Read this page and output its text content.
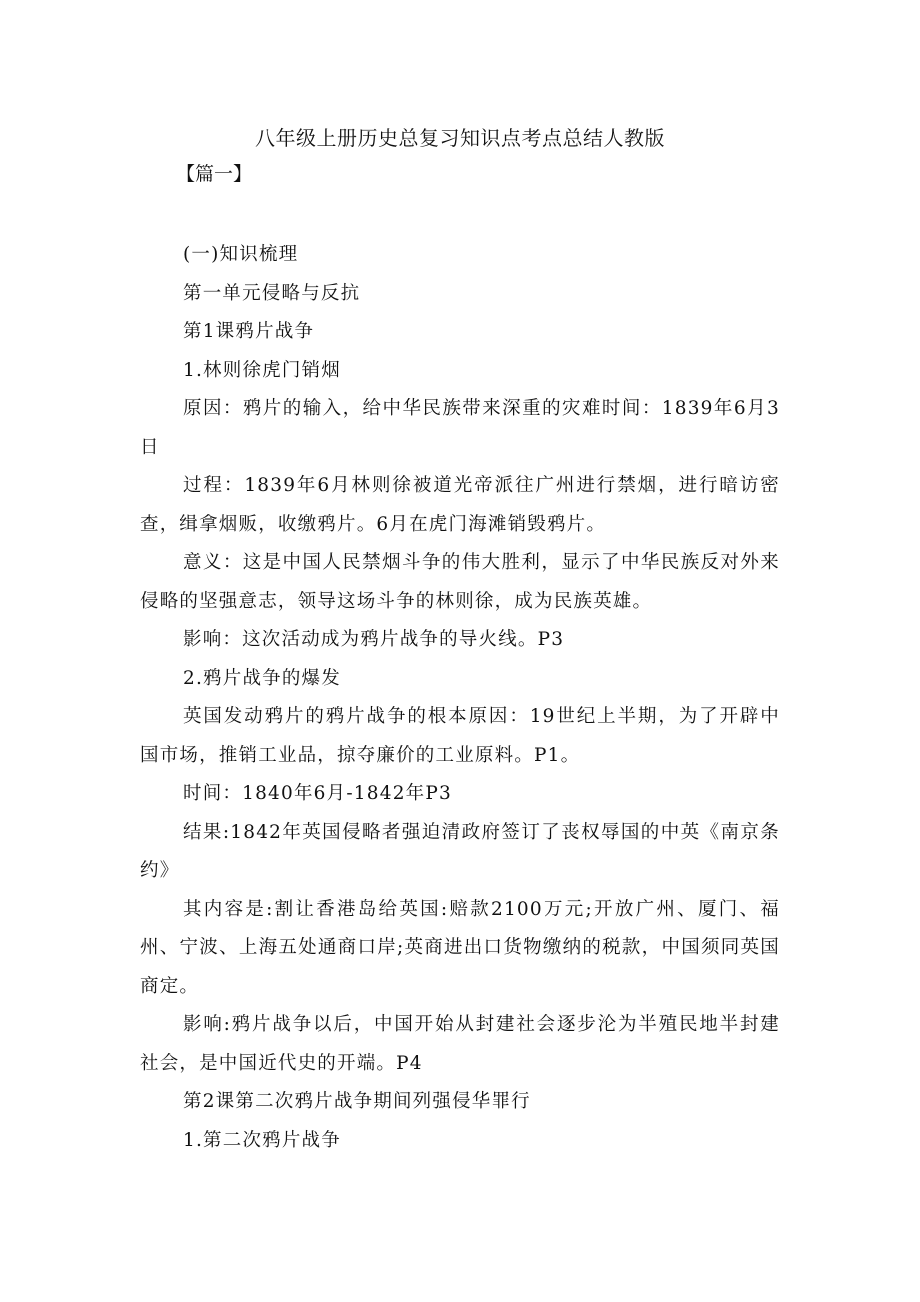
八年级上册历史总复习知识点考点总结人教版
【篇一】

(一)知识梳理

第一单元侵略与反抗

第1课鸦片战争

1.林则徐虎门销烟

原因：鸦片的输入，给中华民族带来深重的灾难时间：1839年6月3日

过程：1839年6月林则徐被道光帝派往广州进行禁烟，进行暗访密查，缉拿烟贩，收缴鸦片。6月在虎门海滩销毁鸦片。

意义：这是中国人民禁烟斗争的伟大胜利，显示了中华民族反对外来侵略的坚强意志，领导这场斗争的林则徐，成为民族英雄。

影响：这次活动成为鸦片战争的导火线。P3

2.鸦片战争的爆发

英国发动鸦片的鸦片战争的根本原因：19世纪上半期，为了开辟中国市场，推销工业品，掠夺廉价的工业原料。P1。

时间：1840年6月-1842年P3

结果:1842年英国侵略者强迫清政府签订了丧权辱国的中英《南京条约》

其内容是:割让香港岛给英国:赔款2100万元;开放广州、厦门、福州、宁波、上海五处通商口岸;英商进出口货物缴纳的税款，中国须同英国商定。

影响:鸦片战争以后，中国开始从封建社会逐步沦为半殖民地半封建社会，是中国近代史的开端。P4

第2课第二次鸦片战争期间列强侵华罪行

1.第二次鸦片战争
